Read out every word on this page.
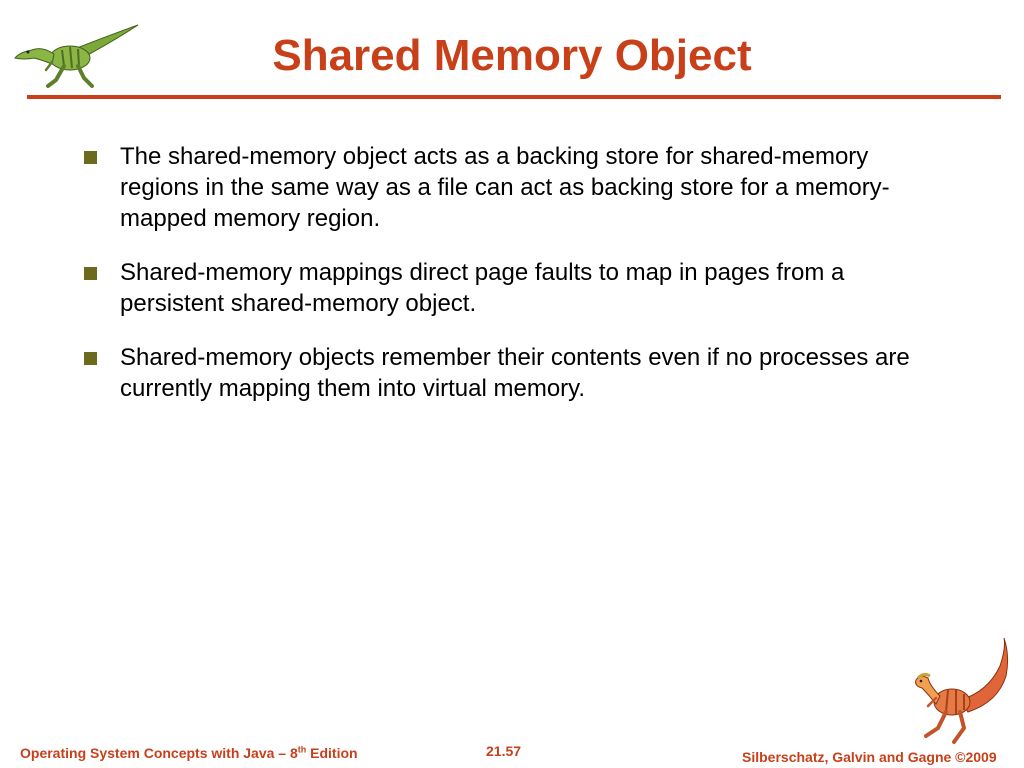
Shared Memory Object
The shared-memory object acts as a backing store for shared-memory regions in the same way as a file can act as backing store for a memory-mapped memory region.
Shared-memory mappings direct page faults to map in pages from a persistent shared-memory object.
Shared-memory objects remember their contents even if no processes are currently mapping them into virtual memory.
Operating System Concepts with Java – 8th Edition	21.57	Silberschatz, Galvin and Gagne ©2009
